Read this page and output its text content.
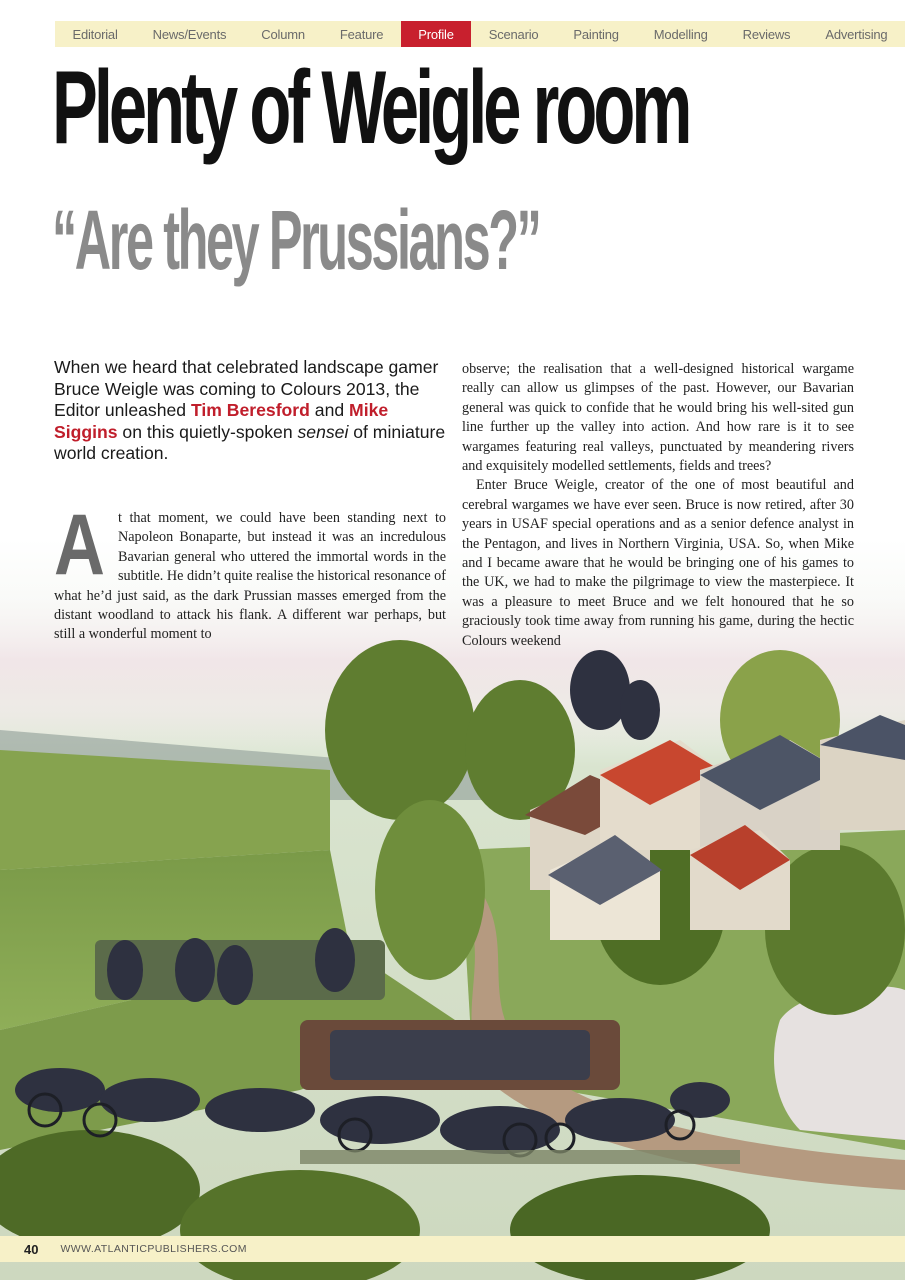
Editorial	News/Events	Column	Feature	Profile	Scenario	Painting	Modelling	Reviews	Advertising
Plenty of Weigle room
“Are they Prussians?”

When we heard that celebrated landscape gamer Bruce Weigle was coming to Colours 2013, the Editor unleashed Tim Beresford and Mike Siggins on this quietly-spoken sensei of miniature world creation.

A t that moment, we could have been standing next to Napoleon Bonaparte, but instead it was an incredulous Bavarian general who uttered the immortal words in the subtitle. He didn’t quite realise the historical resonance of what he’d just said, as the dark Prussian masses emerged from the distant woodland to attack his flank. A different war perhaps, but still a wonderful moment to

observe; the realisation that a well-designed historical wargame really can allow us glimpses of the past. However, our Bavarian general was quick to confide that he would bring his well-sited gun line further up the valley into action. And how rare is it to see wargames featuring real valleys, punctuated by meandering rivers and exquisitely modelled settlements, fields and trees?

Enter Bruce Weigle, creator of the one of most beautiful and cerebral wargames we have ever seen. Bruce is now retired, after 30 years in USAF special operations and as a senior defence analyst in the Pentagon, and lives in Northern Virginia, USA. So, when Mike and I became aware that he would be bringing one of his games to the UK, we had to make the pilgrimage to view the masterpiece. It was a pleasure to meet Bruce and we felt honoured that he so graciously took time away from running his game, during the hectic Colours weekend

40 WWW.ATLANTICPUBLISHERS.COM
